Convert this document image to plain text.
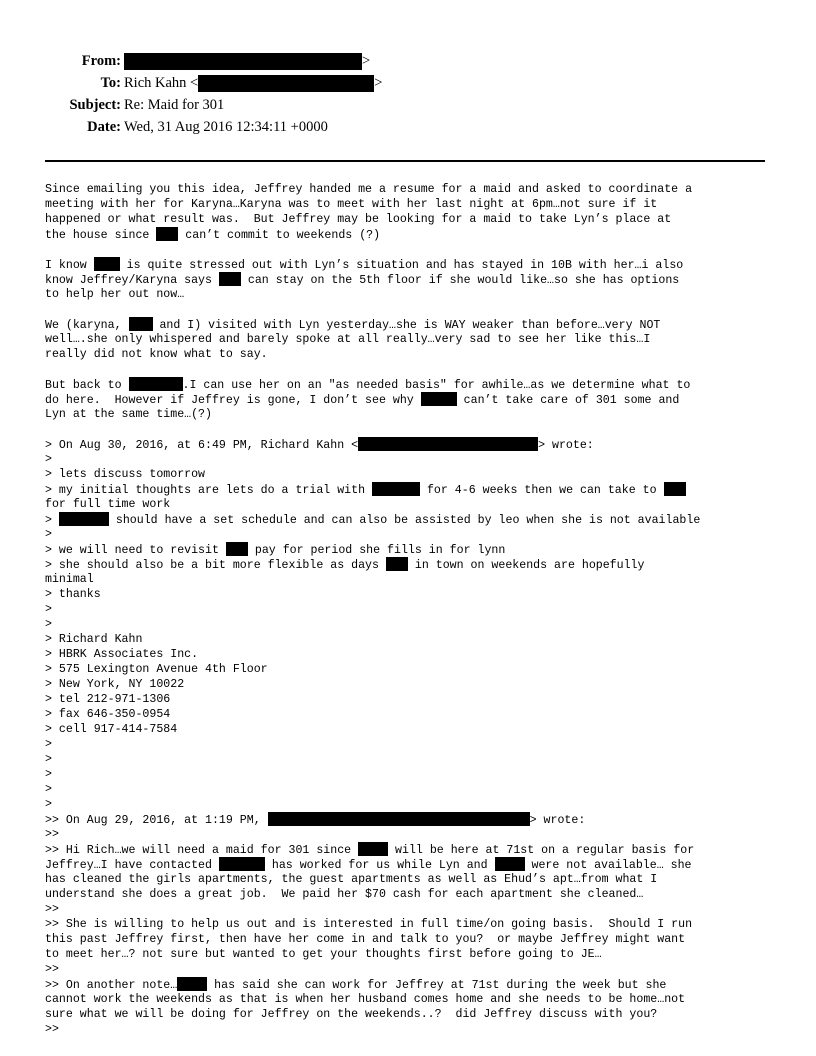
From:	>
To: Rich Kahn <	>
Subject: Re: Maid for 301
Date: Wed, 31 Aug 2016 12:34:11 +0000
Since emailing you this idea, Jeffrey handed me a resume for a maid and asked to coordinate a
meeting with her for Karyna…Karyna was to meet with her last night at 6pm…not sure if it
happened or what result was.  But Jeffrey may be looking for a maid to take Lyn’s place at
the house since  can’t commit to weekends (?)
I know  is quite stressed out with Lyn’s situation and has stayed in 10B with her…i also
know Jeffrey/Karyna says  can stay on the 5th floor if she would like…so she has options
to help her out now…
We (karyna,  and I) visited with Lyn yesterday…she is WAY weaker than before…very NOT
well….she only whispered and barely spoke at all really…very sad to see her like this…I
really did not know what to say.
But back to	.I can use her on an "as needed basis" for awhile…as we determine what to
do here.  However if Jeffrey is gone, I don’t see why	can’t take care of 301 some and
Lyn at the same time…(?)
> On Aug 30, 2016, at 6:49 PM, Richard Kahn <	> wrote:
>
> lets discuss tomorrow
> my initial thoughts are lets do a trial with	for 4-6 weeks then we can take to
for full time work
>	should have a set schedule and can also be assisted by leo when she is not available
>
> we will need to revisit  pay for period she fills in for lynn
> she should also be a bit more flexible as days  in town on weekends are hopefully
minimal
> thanks
>
>
> Richard Kahn
> HBRK Associates Inc.
> 575 Lexington Avenue 4th Floor
> New York, NY 10022
> tel 212-971-1306
> fax 646-350-0954
> cell 917-414-7584
>
>
>
>
>
>> On Aug 29, 2016, at 1:19 PM,	> wrote:
>>
>> Hi Rich…we will need a maid for 301 since	will be here at 71st on a regular basis for
Jeffrey…I have contacted	has worked for us while Lyn and	were not available… she
has cleaned the girls apartments, the guest apartments as well as Ehud’s apt…from what I
understand she does a great job.  We paid her $70 cash for each apartment she cleaned…
>>
>> She is willing to help us out and is interested in full time/on going basis.  Should I run
this past Jeffrey first, then have her come in and talk to you?  or maybe Jeffrey might want
to meet her…? not sure but wanted to get your thoughts first before going to JE…
>>
>> On another note…	has said she can work for Jeffrey at 71st during the week but she
cannot work the weekends as that is when her husband comes home and she needs to be home…not
sure what we will be doing for Jeffrey on the weekends..?  did Jeffrey discuss with you?
>>
